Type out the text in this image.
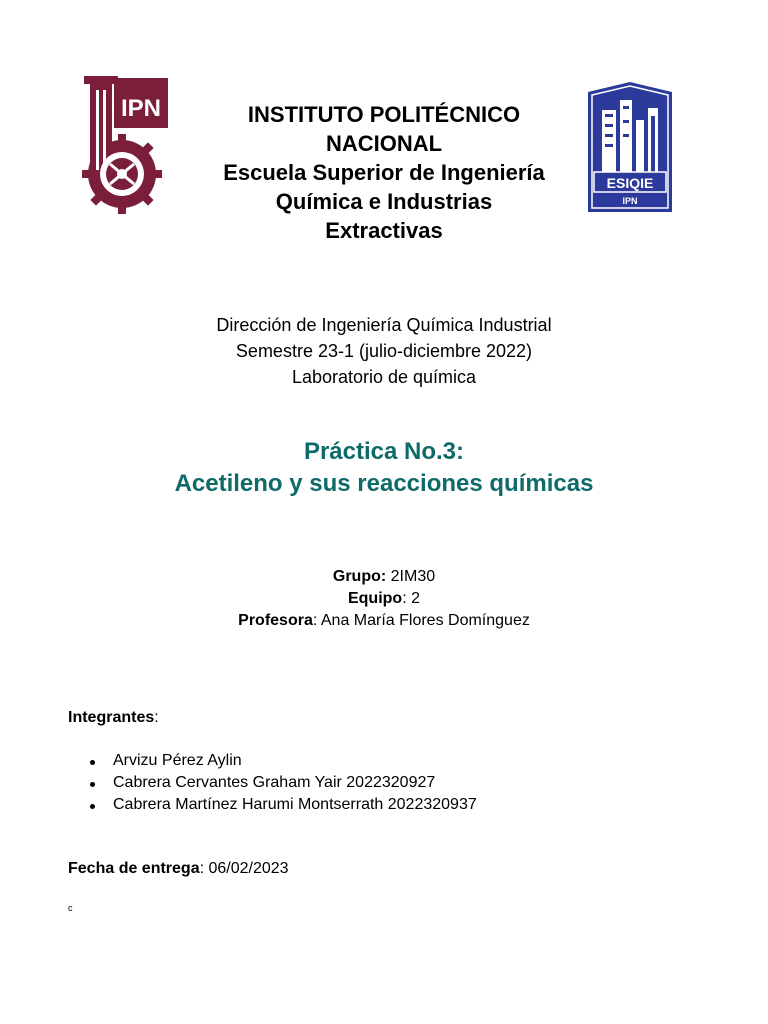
IPN
ESIQIE
IPN
INSTITUTO POLITÉCNICO
NACIONAL
Escuela Superior de Ingeniería
Química e Industrias
Extractivas
Dirección de Ingeniería Química Industrial
Semestre 23-1 (julio-diciembre 2022)
Laboratorio de química
Práctica No.3:
Acetileno y sus reacciones químicas
Grupo: 2IM30
Equipo: 2
Profesora: Ana María Flores Domínguez
Integrantes:
Arvizu Pérez Aylin
Cabrera Cervantes Graham Yair 2022320927
Cabrera Martínez Harumi Montserrath 2022320937
Fecha de entrega: 06/02/2023
c
